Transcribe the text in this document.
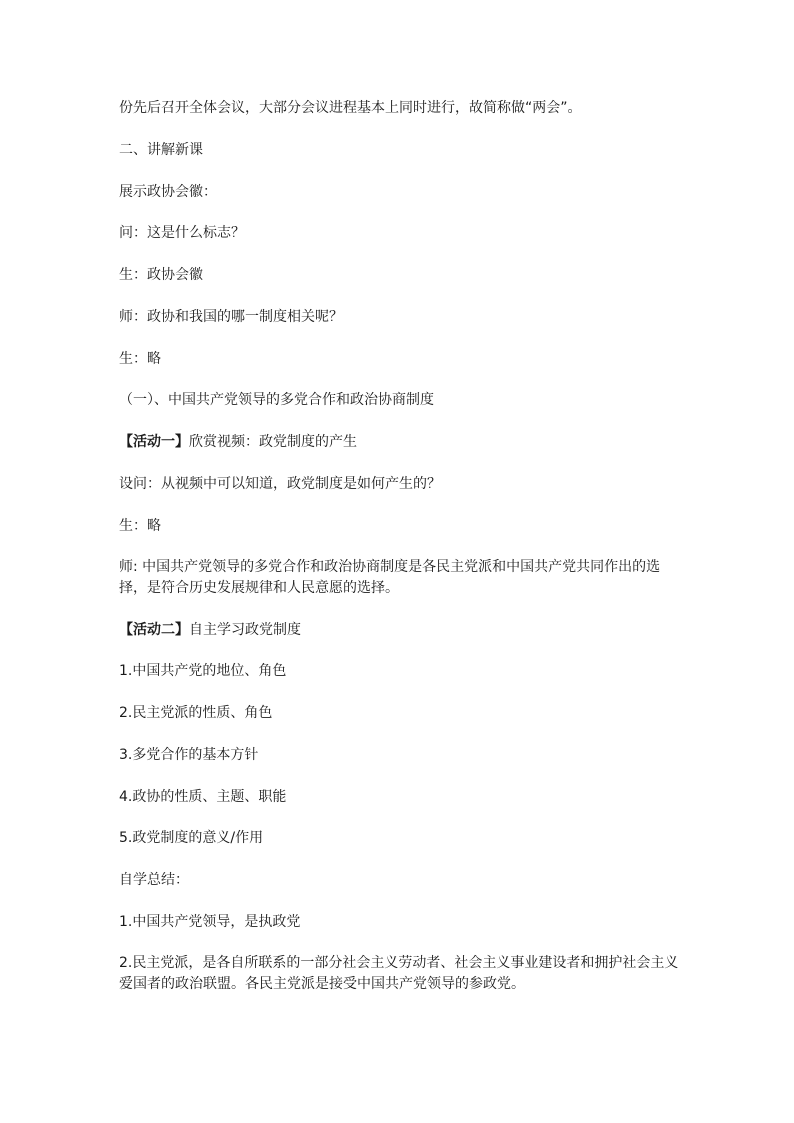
份先后召开全体会议，大部分会议进程基本上同时进行，故简称做“两会”。

二、讲解新课

展示政协会徽：

问：这是什么标志？

生：政协会徽

师：政协和我国的哪一制度相关呢？

生：略

（一）、中国共产党领导的多党合作和政治协商制度

【活动一】欣赏视频：政党制度的产生

设问：从视频中可以知道，政党制度是如何产生的？

生：略

师: 中国共产党领导的多党合作和政治协商制度是各民主党派和中国共产党共同作出的选择，是符合历史发展规律和人民意愿的选择。

【活动二】自主学习政党制度

1.中国共产党的地位、角色

2.民主党派的性质、角色

3.多党合作的基本方针

4.政协的性质、主题、职能

5.政党制度的意义/作用

自学总结：

1.中国共产党领导，是执政党

2.民主党派，是各自所联系的一部分社会主义劳动者、社会主义事业建设者和拥护社会主义爱国者的政治联盟。各民主党派是接受中国共产党领导的参政党。
